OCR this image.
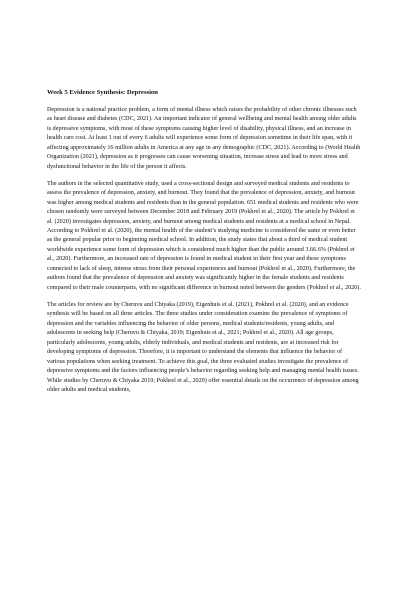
Week 5 Evidence Synthesis: Depression

Depression is a national practice problem, a form of mental illness which raises the probability of other chronic illnesses such as heart disease and diabetes (CDC, 2021). An important indicator of general wellbeing and mental health among older adults is depressive symptoms, with most of these symptoms causing higher level of disability, physical illness, and an increase in health care cost. At least 1 out of every 6 adults will experience some form of depression sometime in their life span, with it affecting approximately 16 million adults in America at any age in any demographic (CDC, 2021). According to (World Health Organization (2021), depression as it progresses can cause worsening situation, increase stress and lead to more stress and dysfunctional behavior in the life of the person it affects.

The authors in the selected quantitative study, used a cross-sectional design and surveyed medical students and residents to assess the prevalence of depression, anxiety, and burnout. They found that the prevalence of depression, anxiety, and burnout was higher among medical students and residents than in the general population. 651 medical students and residents who were chosen randomly were surveyed between December 2018 and February 2019 (Pokhrel et al., 2020). The article by Pokhrel et al. (2020) investigates depression, anxiety, and burnout among medical students and residents at a medical school in Nepal. According to Pokhrel et al. (2020), the mental health of the student’s studying medicine is considered the same or even better as the general popular prior to beginning medical school. In addition, the study states that about a third of medical student worldwide experience some form of depression which is considered much higher than the public around 3.66.6% (Pokhrel et al., 2020). Furthermore, an increased rate of depression is found in medical student in their first year and these symptoms connected to lack of sleep, intense stress from their personal experiences and burnout (Pokhrel et al., 2020). Furthermore, the authors found that the prevalence of depression and anxiety was significantly higher in the female students and residents compared to their male counterparts, with no significant difference in burnout noted between the genders (Pokhrel et al., 2020).

The articles for review are by Cheruvu and Chiyaka (2019), Eigenhuis et al. (2021), Pokhrel et al. (2020), and an evidence synthesis will be based on all three articles. The three studies under consideration examine the prevalence of symptoms of depression and the variables influencing the behavior of older persons, medical students/residents, young adults, and adolescents in seeking help (Cheruvu & Chiyaka, 2019; Eigenhuis et al., 2021; Pokhrel et al., 2020). All age groups, particularly adolescents, young adults, elderly individuals, and medical students and residents, are at increased risk for developing symptoms of depression. Therefore, it is important to understand the elements that influence the behavior of various populations when seeking treatment. To achieve this goal, the three evaluated studies investigate the prevalence of depressive symptoms and the factors influencing people’s behavior regarding seeking help and managing mental health issues. While studies by Cheruvu & Chiyaka 2019; Pokhrel et al., 2020) offer essential details on the occurrence of depression among older adults and medical students,
